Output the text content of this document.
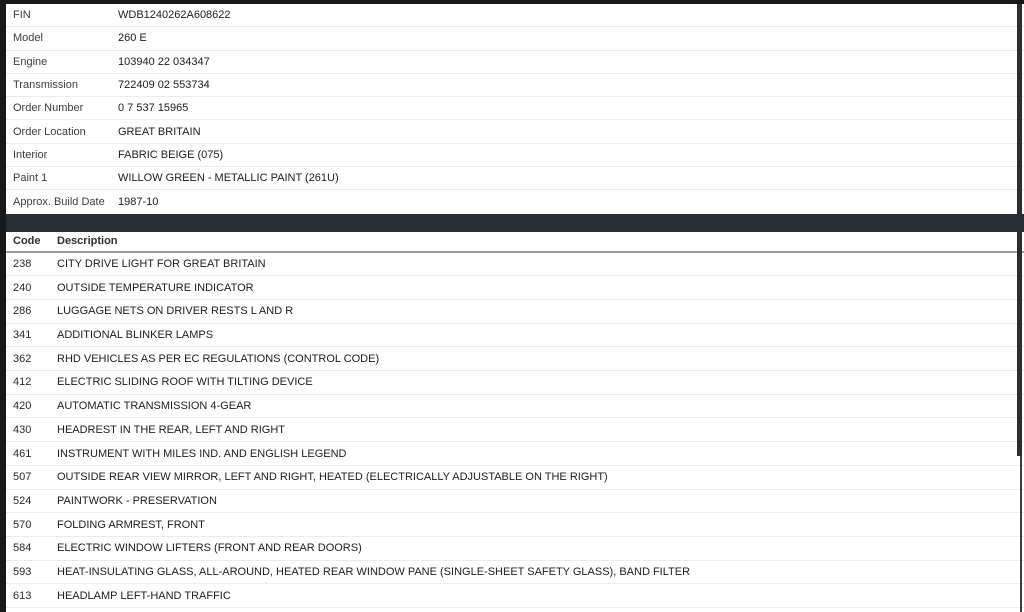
FIN	WDB1240262A608622
Model	260 E
Engine	103940 22 034347
Transmission	722409 02 553734
Order Number	0 7 537 15965
Order Location	GREAT BRITAIN
Interior	FABRIC BEIGE (075)
Paint 1	WILLOW GREEN - METALLIC PAINT (261U)
Approx. Build Date	1987-10
Code	Description
238	CITY DRIVE LIGHT FOR GREAT BRITAIN
240	OUTSIDE TEMPERATURE INDICATOR
286	LUGGAGE NETS ON DRIVER RESTS L AND R
341	ADDITIONAL BLINKER LAMPS
362	RHD VEHICLES AS PER EC REGULATIONS (CONTROL CODE)
412	ELECTRIC SLIDING ROOF WITH TILTING DEVICE
420	AUTOMATIC TRANSMISSION 4-GEAR
430	HEADREST IN THE REAR, LEFT AND RIGHT
461	INSTRUMENT WITH MILES IND. AND ENGLISH LEGEND
507	OUTSIDE REAR VIEW MIRROR, LEFT AND RIGHT, HEATED (ELECTRICALLY ADJUSTABLE ON THE RIGHT)
524	PAINTWORK - PRESERVATION
570	FOLDING ARMREST, FRONT
584	ELECTRIC WINDOW LIFTERS (FRONT AND REAR DOORS)
593	HEAT-INSULATING GLASS, ALL-AROUND, HEATED REAR WINDOW PANE (SINGLE-SHEET SAFETY GLASS), BAND FILTER
613	HEADLAMP LEFT-HAND TRAFFIC
